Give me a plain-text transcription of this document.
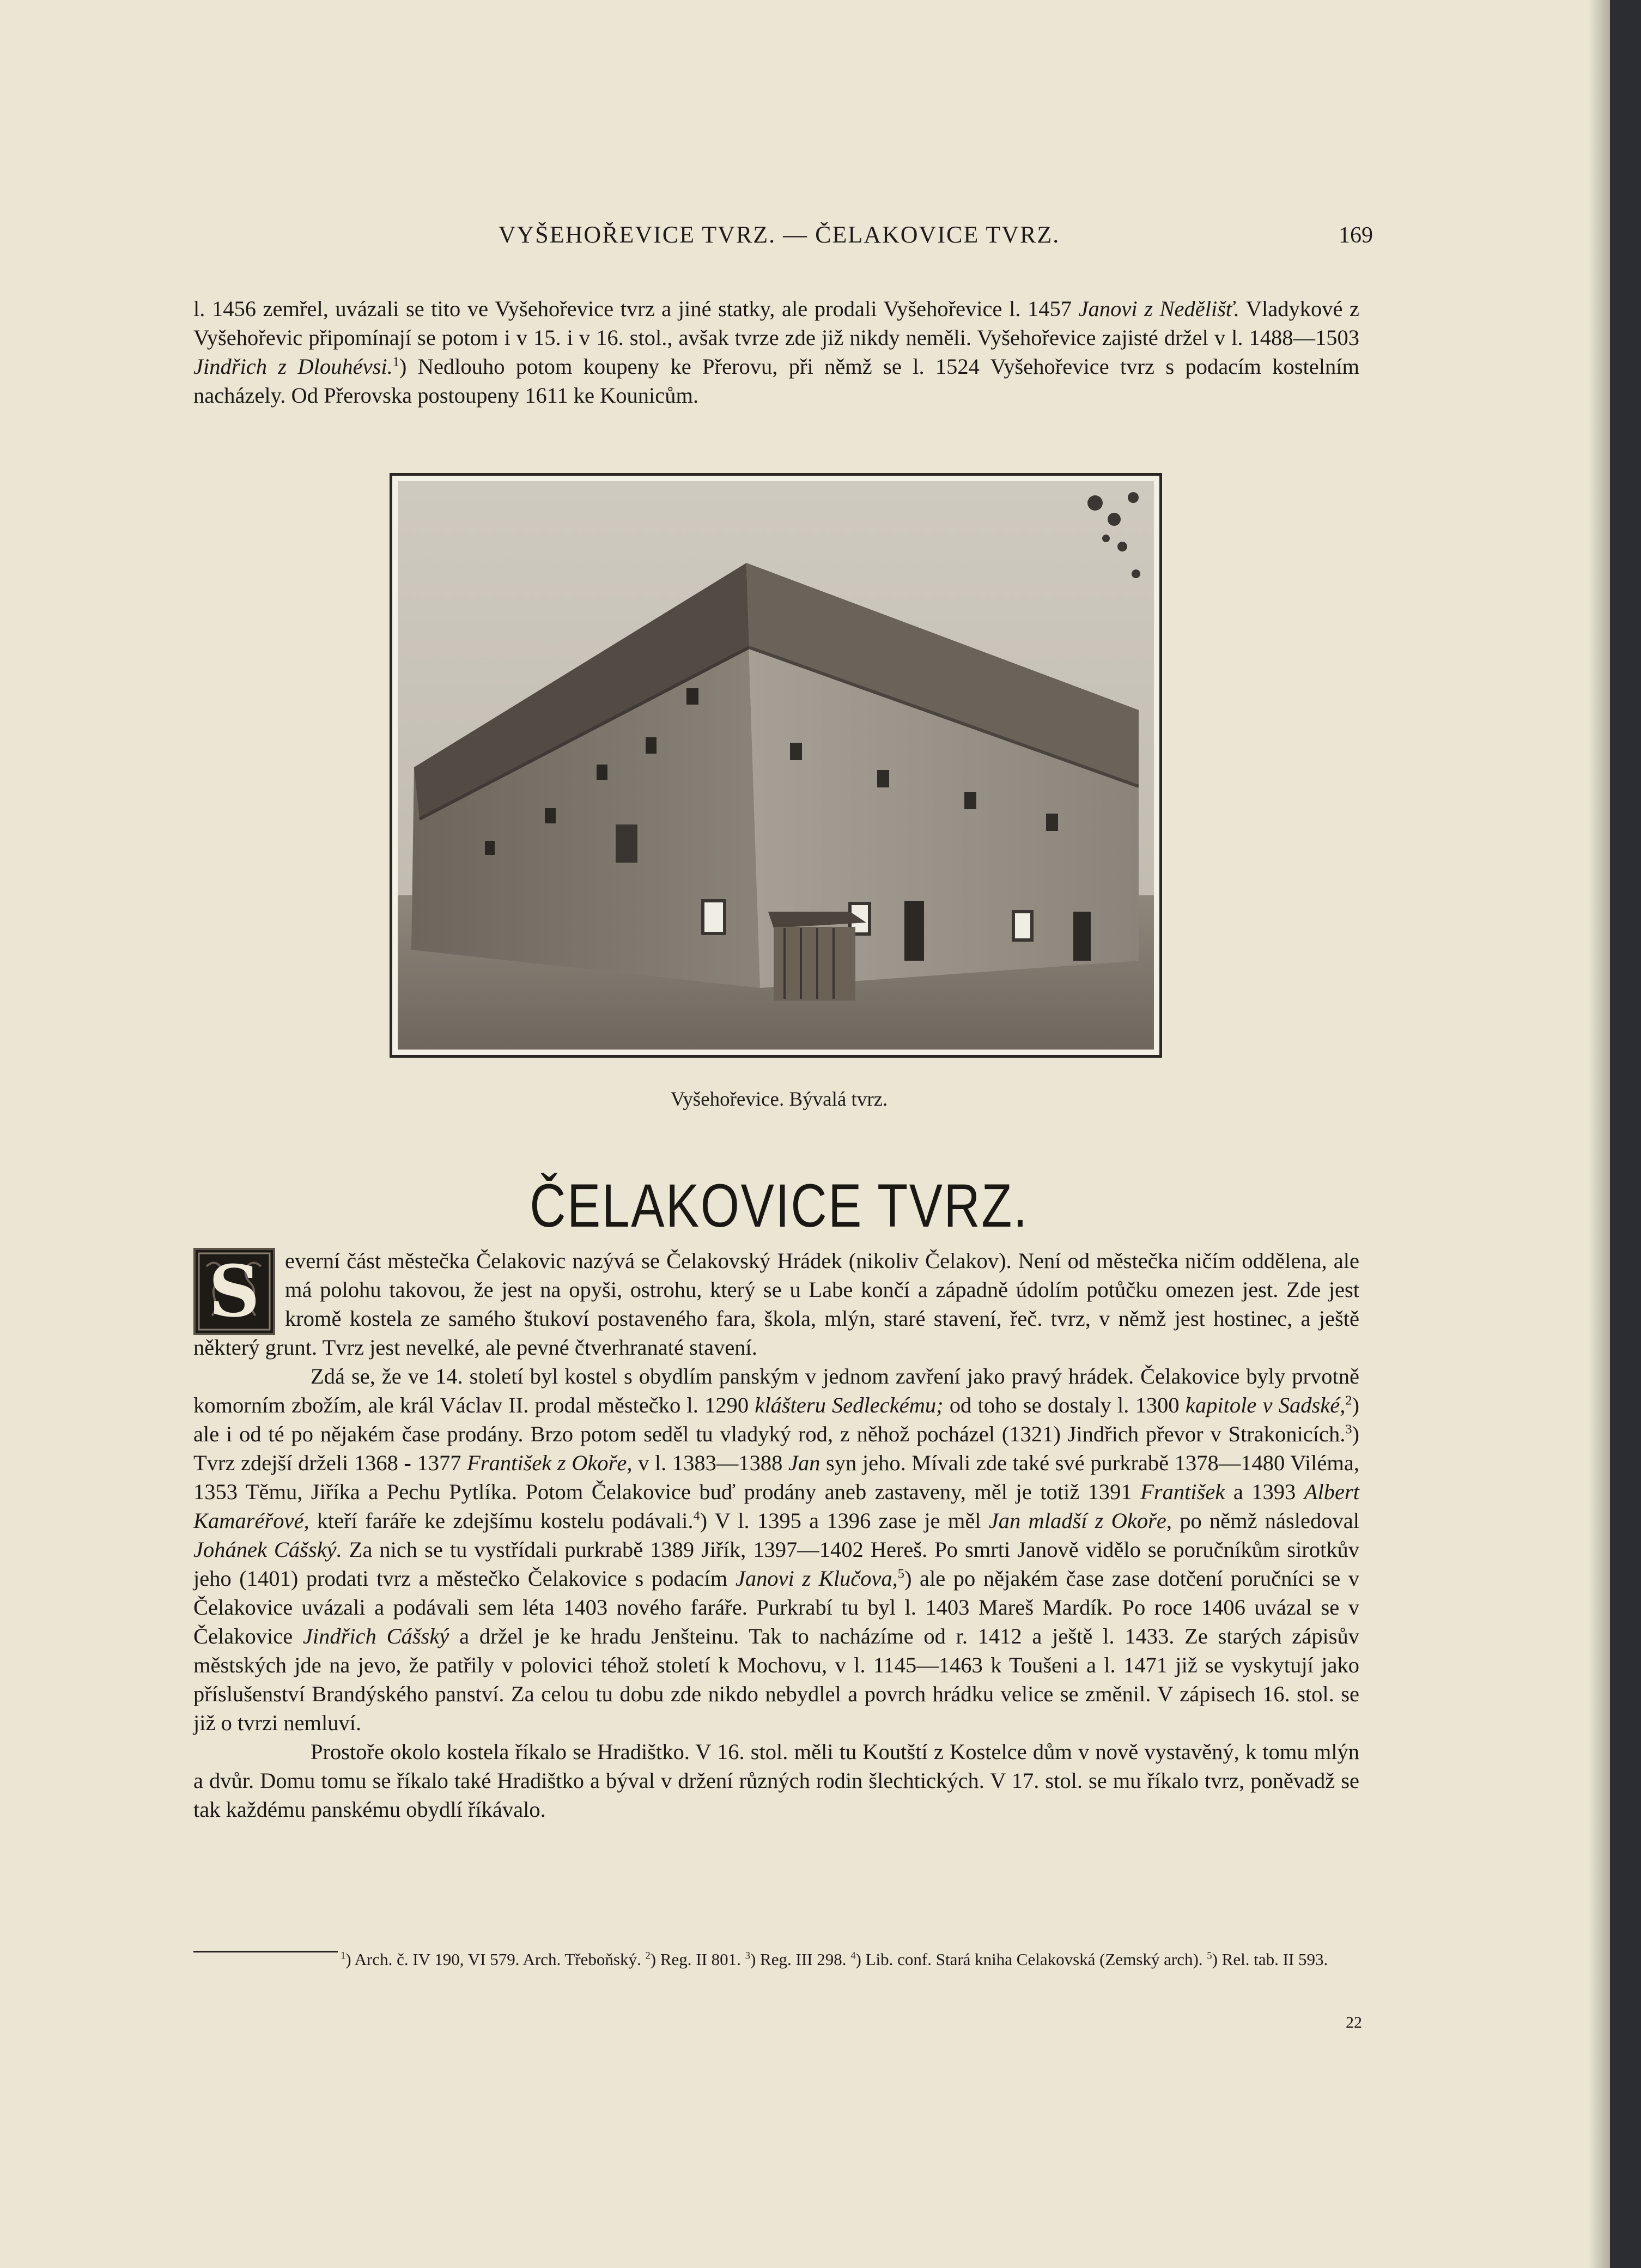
VYŠEHOŘEVICE TVRZ. — ČELAKOVICE TVRZ.	169
l. 1456 zemřel, uvázali se tito ve Vyšehořevice tvrz a jiné statky, ale prodali Vyšehořevice l. 1457 Janovi z Nedělišť. Vladykové z Vyšehořevic připomínají se potom i v 15. i v 16. stol., avšak tvrze zde již nikdy neměli. Vyšehořevice zajisté držel v l. 1488—1503 Jindřich z Dlouhévsi.$^1$) Nedlouho potom koupeny ke Přerovu, při němž se l. 1524 Vyšehořevice tvrz s podacím kostelním nacházely. Od Přerovska postoupeny 1611 ke Kounicům.
Vyšehořevice. Bývalá tvrz.
ČELAKOVICE TVRZ.
S	everní část městečka Čelakovic nazývá se Čelakovský Hrádek (nikoliv Čelakov). Není od městečka ničím oddělena, ale má polohu takovou, že jest na opyši, ostrohu, který se u Labe končí a západně údolím potůčku omezen jest. Zde jest kromě kostela ze samého štukoví postaveného fara, škola, mlýn, staré stavení, řeč. tvrz, v němž jest hostinec, a ještě některý grunt. Tvrz jest nevelké, ale pevné čtverhranaté stavení.

Zdá se, že ve 14. století byl kostel s obydlím panským v jednom zavření jako pravý hrádek. Čelakovice byly prvotně komorním zbožím, ale král Václav II. prodal městečko l. 1290 klášteru Sedleckému; od toho se dostaly l. 1300 kapitole v Sadské,$^2$) ale i od té po nějakém čase prodány. Brzo potom seděl tu vladyký rod, z něhož pocházel (1321) Jindřich převor v Strakonicích.$^3$) Tvrz zdejší drželi 1368 - 1377 František z Okoře, v l. 1383—1388 Jan syn jeho. Mívali zde také své purkrabě 1378—1480 Viléma, 1353 Těmu, Jiříka a Pechu Pytlíka. Potom Čelakovice buď prodány aneb zastaveny, měl je totiž 1391 František a 1393 Albert Kamaréřové, kteří faráře ke zdejšímu kostelu podávali.$^4$) V l. 1395 a 1396 zase je měl Jan mladší z Okoře, po němž následoval Johánek Cášský. Za nich se tu vystřídali purkrabě 1389 Jiřík, 1397—1402 Hereš. Po smrti Janově vidělo se poručníkům sirotkův jeho (1401) prodati tvrz a městečko Čelakovice s podacím Janovi z Klučova,$^5$) ale po nějakém čase zase dotčení poručníci se v Čelakovice uvázali a podávali sem léta 1403 nového faráře. Purkrabí tu byl l. 1403 Mareš Mardík. Po roce 1406 uvázal se v Čelakovice Jindřich Cášský a držel je ke hradu Jenšteinu. Tak to nacházíme od r. 1412 a ještě l. 1433. Ze starých zápisův městských jde na jevo, že patřily v polovici téhož století k Mochovu, v l. 1145—1463 k Toušeni a l. 1471 již se vyskytují jako příslušenství Brandýského panství. Za celou tu dobu zde nikdo nebydlel a povrch hrádku velice se změnil. V zápisech 16. stol. se již o tvrzi nemluví.

Prostoře okolo kostela říkalo se Hradištko. V 16. stol. měli tu Koutští z Kostelce dům v nově vystavěný, k tomu mlýn a dvůr. Domu tomu se říkalo také Hradištko a býval v držení různých rodin šlechtických. V 17. stol. se mu říkalo tvrz, poněvadž se tak každému panskému obydlí říkávalo.

$^1$) Arch. č. IV 190, VI 579. Arch. Třeboňský. $^2$) Reg. II 801. $^3$) Reg. III 298. $^4$) Lib. conf. Stará kniha Celakovská (Zemský arch). $^5$) Rel. tab. II 593.
22
